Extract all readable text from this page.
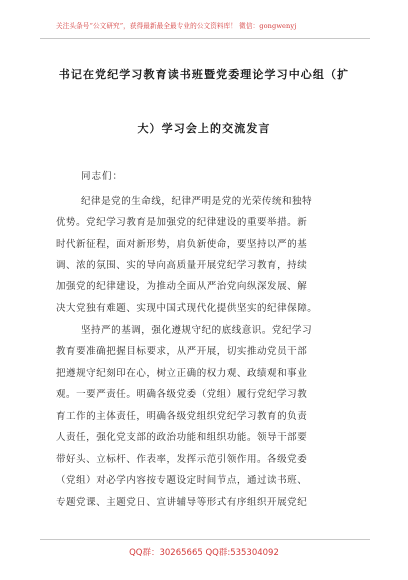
关注头条号“公文研究”，获得最新最全最专业的公文资料库！ 微信：gongwenyj
书记在党纪学习教育读书班暨党委理论学习中心组（扩
大）学习会上的交流发言
同志们：
纪律是党的生命线，纪律严明是党的光荣传统和独特
优势。党纪学习教育是加强党的纪律建设的重要举措。新
时代新征程，面对新形势，肩负新使命，要坚持以严的基
调、浓的氛围、实的导向高质量开展党纪学习教育，持续
加强党的纪律建设，为推动全面从严治党向纵深发展、解
决大党独有难题、实现中国式现代化提供坚实的纪律保障。
坚持严的基调，强化遵规守纪的底线意识。党纪学习
教育要准确把握目标要求，从严开展，切实推动党员干部
把遵规守纪刻印在心，树立正确的权力观、政绩观和事业
观。一要严责任。明确各级党委（党组）履行党纪学习教
育工作的主体责任，明确各级党组织党纪学习教育的负责
人责任，强化党支部的政治功能和组织功能。领导干部要
带好头、立标杆、作表率，发挥示范引领作用。各级党委
（党组）对必学内容按专题设定时间节点，通过读书班、
专题党课、主题党日、宣讲辅导等形式有序组织开展党纪
QQ群：30265665 QQ群:535304092
